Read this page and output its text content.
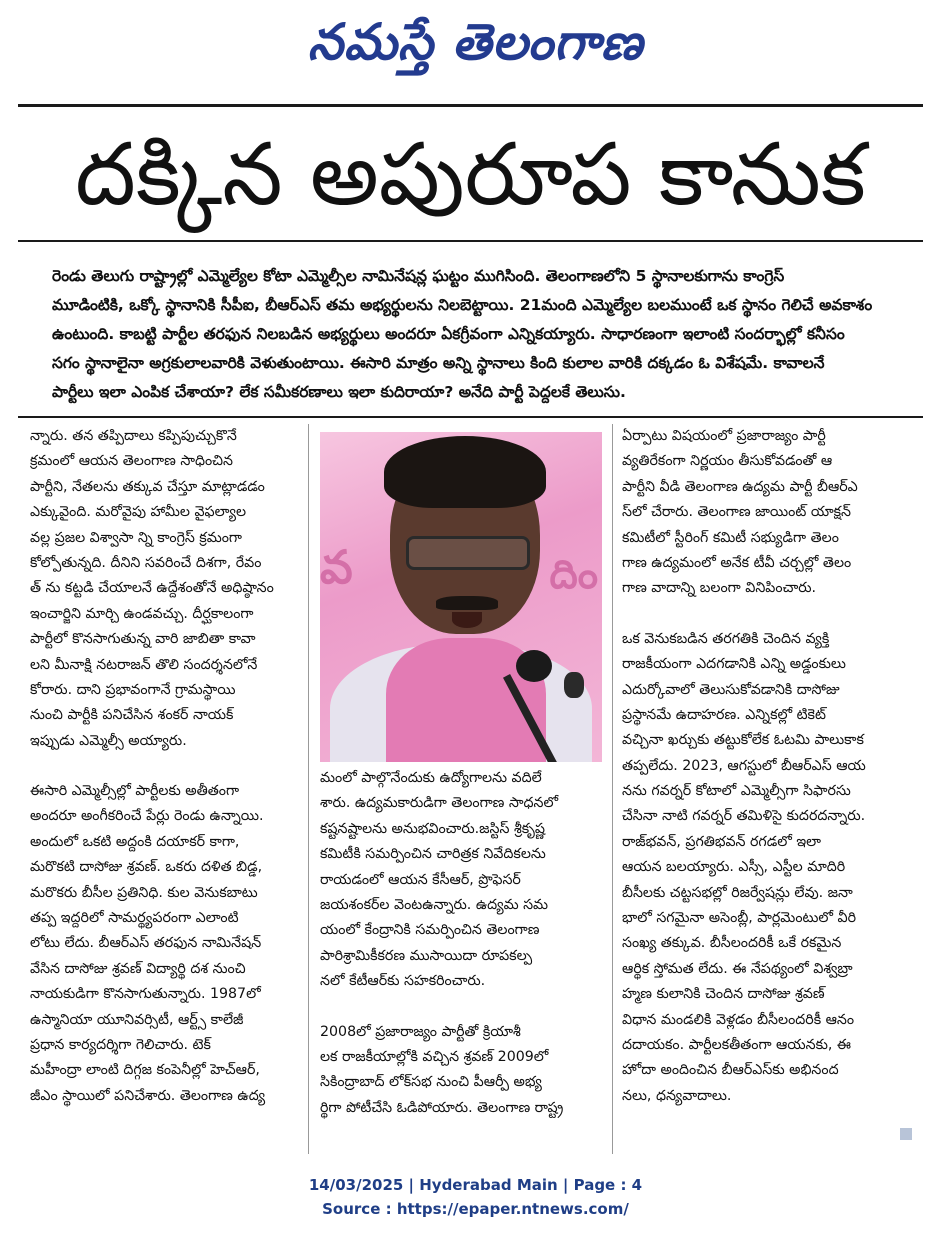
నమస్తే తెలంగాణ
దక్కిన అపురూప కానుక
రెండు తెలుగు రాష్ట్రాల్లో ఎమ్మెల్యేల కోటా ఎమ్మెల్సీల నామినేషన్ల ఘట్టం ముగిసింది. తెలంగాణలోని 5 స్థానాలకుగాను కాంగ్రెస్
మూడింటికి, ఒక్కో స్థానానికి సీపీఐ, బీఆర్ఎస్ తమ అభ్యర్థులను నిలబెట్టాయి. 21మంది ఎమ్మెల్యేల బలముంటే ఒక స్థానం గెలిచే అవకాశం
ఉంటుంది. కాబట్టి పార్టీల తరఫున నిలబడిన అభ్యర్థులు అందరూ ఏకగ్రీవంగా ఎన్నికయ్యారు. సాధారణంగా ఇలాంటి సందర్భాల్లో కనీసం
సగం స్థానాలైనా అగ్రకులాలవారికి వెళుతుంటాయి. ఈసారి మాత్రం అన్ని స్థానాలు కింది కులాల వారికి దక్కడం ఓ విశేషమే. కావాలనే
పార్టీలు ఇలా ఎంపిక చేశాయా? లేక సమీకరణాలు ఇలా కుదిరాయా? అనేది పార్టీ పెద్దలకే తెలుసు.
న్నారు. తన తప్పిదాలు కప్పిపుచ్చుకొనే
క్రమంలో ఆయన తెలంగాణ సాధించిన
పార్టీని, నేతలను తక్కువ చేస్తూ మాట్లాడడం
ఎక్కువైంది. మరోవైపు హామీల వైఫల్యాల
వల్ల ప్రజల విశ్వాసా న్ని కాంగ్రెస్ క్రమంగా
కోల్పోతున్నది. దీనిని సవరించే దిశగా, రేవం
త్ ను కట్టడి చేయాలనే ఉద్దేశంతోనే అధిష్ఠానం
ఇంచార్జిని మార్చి ఉండవచ్చు. దీర్ఘకాలంగా
పార్టీలో కొనసాగుతున్న వారి జాబితా కావా
లని మీనాక్షి నటరాజన్ తొలి సందర్శనలోనే
కోరారు. దాని ప్రభావంగానే గ్రామస్థాయి
నుంచి పార్టీకి పనిచేసిన శంకర్ నాయక్
ఇప్పుడు ఎమ్మెల్సీ అయ్యారు.
ఈసారి ఎమ్మెల్సీల్లో పార్టీలకు అతీతంగా
అందరూ అంగీకరించే పేర్లు రెండు ఉన్నాయి.
అందులో ఒకటి అద్దంకి దయాకర్ కాగా,
మరొకటి దాసోజు శ్రవణ్. ఒకరు దళిత బిడ్డ,
మరొకరు బీసీల ప్రతినిధి. కుల వెనుకబాటు
తప్ప ఇద్దరిలో సామర్థ్యపరంగా ఎలాంటి
లోటు లేదు. బీఆర్ఎస్ తరఫున నామినేషన్
వేసిన దాసోజు శ్రవణ్ విద్యార్థి దశ నుంచి
నాయకుడిగా కొనసాగుతున్నారు. 1987లో
ఉస్మానియా యూనివర్సిటీ, ఆర్ట్స్ కాలేజీ
ప్రధాన కార్యదర్శిగా గెలిచారు. టెక్
మహీంద్రా లాంటి దిగ్గజ కంపెనీల్లో హెచ్ఆర్,
జీఎం స్థాయిలో పనిచేశారు. తెలంగాణ ఉద్య
వ	దిం
మంలో పాల్గొనేందుకు ఉద్యోగాలను వదిలే
శారు. ఉద్యమకారుడిగా తెలంగాణ సాధనలో
కష్టనష్టాలను అనుభవించారు.జస్టిస్ శ్రీకృష్ణ
కమిటీకి సమర్పించిన చారిత్రక నివేదికలను
రాయడంలో ఆయన కేసీఆర్, ప్రొఫెసర్
జయశంకర్‌ల వెంటఉన్నారు. ఉద్యమ సమ
యంలో కేంద్రానికి సమర్పించిన తెలంగాణ
పారిశ్రామికీకరణ ముసాయిదా రూపకల్ప
నలో కేటీఆర్‌కు సహకరించారు.
2008లో ప్రజారాజ్యం పార్టీతో క్రియాశీ
లక రాజకీయాల్లోకి వచ్చిన శ్రవణ్ 2009లో
సికింద్రాబాద్ లోక్‌సభ నుంచి పీఆర్పీ అభ్య
ర్థిగా పోటీచేసి ఓడిపోయారు. తెలంగాణ రాష్ట్ర
ఏర్పాటు విషయంలో ప్రజారాజ్యం పార్టీ
వ్యతిరేకంగా నిర్ణయం తీసుకోవడంతో ఆ
పార్టీని వీడి తెలంగాణ ఉద్యమ పార్టీ బీఆర్ఎ
స్‌లో చేరారు. తెలంగాణ జాయింట్ యాక్షన్
కమిటీలో స్టీరింగ్ కమిటీ సభ్యుడిగా తెలం
గాణ ఉద్యమంలో అనేక టీవీ చర్చల్లో తెలం
గాణ వాదాన్ని బలంగా వినిపించారు.
ఒక వెనుకబడిన తరగతికి చెందిన వ్యక్తి
రాజకీయంగా ఎదగడానికి ఎన్ని అడ్డంకులు
ఎదుర్కోవాలో తెలుసుకోవడానికి దాసోజు
ప్రస్థానమే ఉదాహరణ. ఎన్నికల్లో టికెట్
వచ్చినా ఖర్చుకు తట్టుకోలేక ఓటమి పాలుకాక
తప్పలేదు. 2023, ఆగస్టులో బీఆర్ఎస్ ఆయ
నను గవర్నర్ కోటాలో ఎమ్మెల్సీగా సిఫారసు
చేసినా నాటి గవర్నర్ తమిళిసై కుదరదన్నారు.
రాజ్‌భవన్, ప్రగతిభవన్ రగడలో ఇలా
ఆయన బలయ్యారు. ఎస్సీ, ఎస్టీల మాదిరి
బీసీలకు చట్టసభల్లో రిజర్వేషన్లు లేవు. జనా
భాలో సగమైనా అసెంబ్లీ, పార్లమెంటులో వీరి
సంఖ్య తక్కువ. బీసీలందరికీ ఒకే రకమైన
ఆర్థిక స్తోమత లేదు. ఈ నేపథ్యంలో విశ్వబ్రా
హ్మణ కులానికి చెందిన దాసోజు శ్రవణ్
విధాన మండలికి వెళ్లడం బీసీలందరికీ ఆనం
దదాయకం. పార్టీలకతీతంగా ఆయనకు, ఈ
హోదా అందించిన బీఆర్ఎస్‌కు అభినంద
నలు, ధన్యవాదాలు.
14/03/2025 | Hyderabad Main | Page : 4
Source : https://epaper.ntnews.com/
